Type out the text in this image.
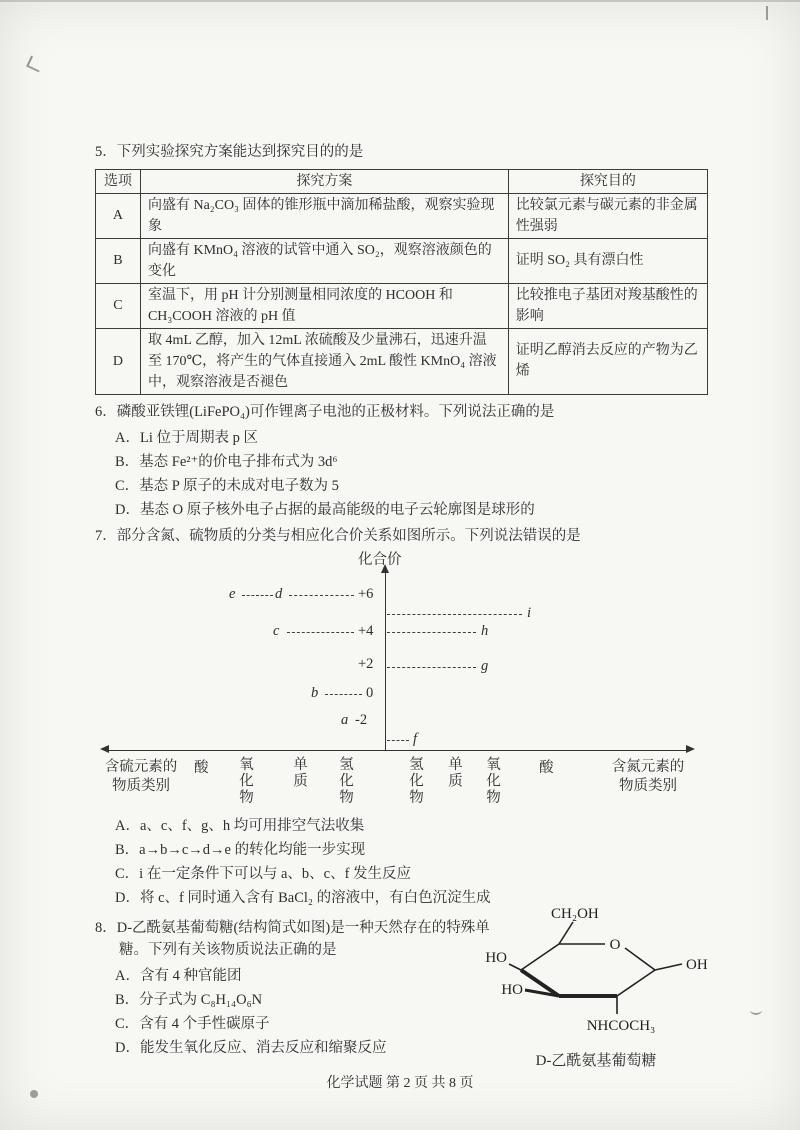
5．下列实验探究方案能达到探究目的的是

选项	探究方案	探究目的
A	向盛有 Na₂CO₃ 固体的锥形瓶中滴加稀盐酸，观察实验现象	比较氯元素与碳元素的非金属性强弱
B	向盛有 KMnO₄ 溶液的试管中通入 SO₂，观察溶液颜色的变化	证明 SO₂ 具有漂白性
C	室温下，用 pH 计分别测量相同浓度的 HCOOH 和 CH₃COOH 溶液的 pH 值	比较推电子基团对羧基酸性的影响
D	取 4mL 乙醇，加入 12mL 浓硫酸及少量沸石，迅速升温至 170℃，将产生的气体直接通入 2mL 酸性 KMnO₄ 溶液中，观察溶液是否褪色	证明乙醇消去反应的产物为乙烯

6．磷酸亚铁锂(LiFePO₄)可作锂离子电池的正极材料。下列说法正确的是

A．Li 位于周期表 p 区
B．基态 Fe²⁺的价电子排布式为 3d⁶
C．基态 P 原子的未成对电子数为 5
D．基态 O 原子核外电子占据的最高能级的电子云轮廓图是球形的

7．部分含氮、硫物质的分类与相应化合价关系如图所示。下列说法错误的是

化合价
+6
+4
+2
0
-2
e	d
c
b
a
f
g
h
i
含硫元素的
物质类别
酸 氧化物	单质 氢化物	氢化物 单质 氧化物	酸	含氮元素的
物质类别
A．a、c、f、g、h 均可用排空气法收集
B．a→b→c→d→e 的转化均能一步实现
C．i 在一定条件下可以与 a、b、c、f 发生反应
D．将 c、f 同时通入含有 BaCl₂ 的溶液中，有白色沉淀生成

8．D-乙酰氨基葡萄糖(结构简式如图)是一种天然存在的特殊单糖。下列有关该物质说法正确的是

A．含有 4 种官能团
B．分子式为 C₈H₁₄O₆N
C．含有 4 个手性碳原子
D．能发生氧化反应、消去反应和缩聚反应
CH₂OH
O
OH
HO
HO
NHCOCH₃
D-乙酰氨基葡萄糖
化学试题 第 2 页 共 8 页
